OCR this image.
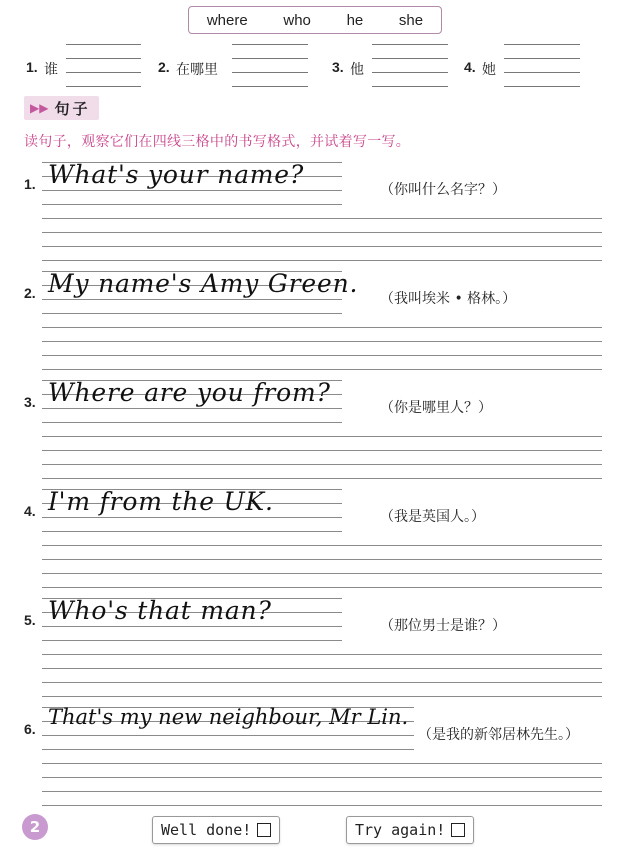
where who he she
1. 谁	2. 在哪里	3. 他	4. 她
▶▶ 句子
读句子，观察它们在四线三格中的书写格式，并试着写一写。
1. What's your name?
（你叫什么名字？）
2. My name's Amy Green.
（我叫埃米 • 格林。）
3. Where are you from?
（你是哪里人？）
4. I'm from the UK.
（我是英国人。）
5. Who's that man?
（那位男士是谁？）
6. That's my new neighbour, Mr Lin.
（是我的新邻居林先生。）
2	Well done!	Try again!
